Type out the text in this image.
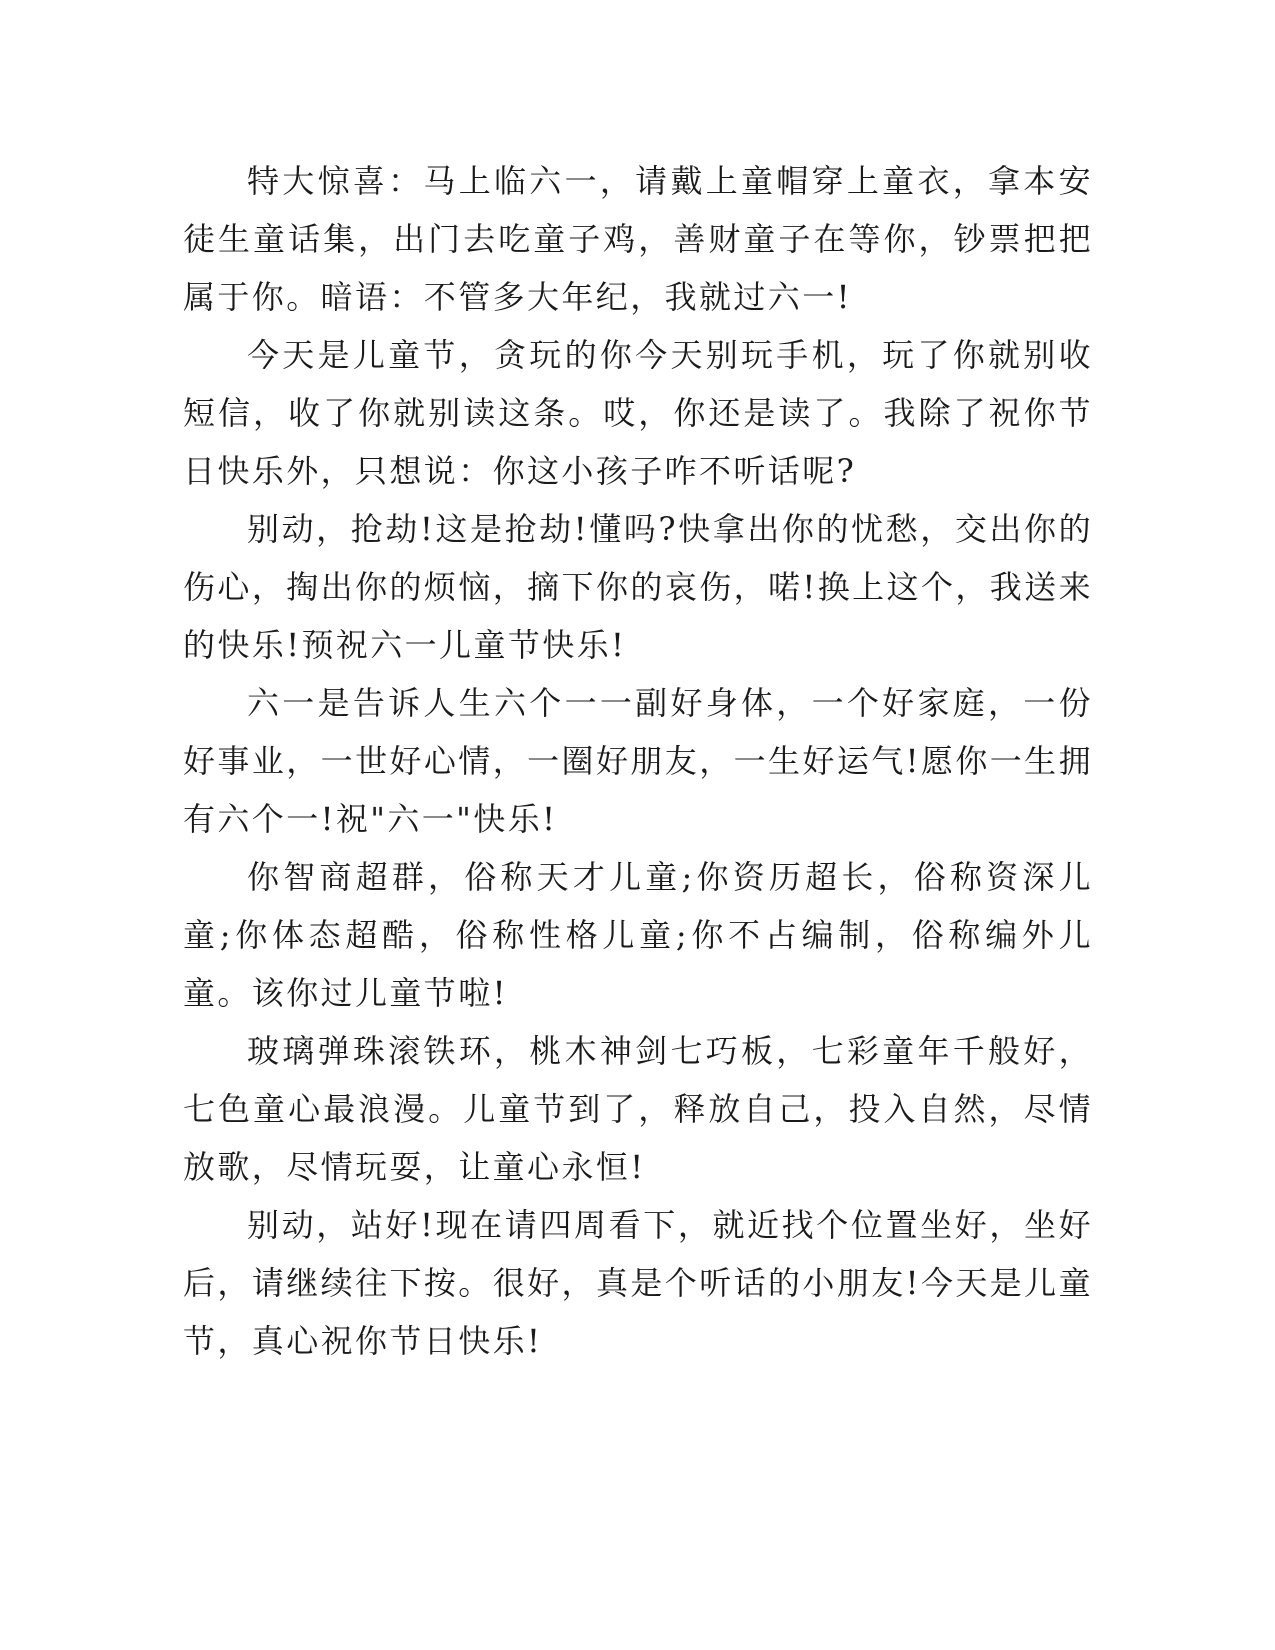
特大惊喜：马上临六一，请戴上童帽穿上童衣，拿本安徒生童话集，出门去吃童子鸡，善财童子在等你，钞票把把属于你。暗语：不管多大年纪，我就过六一!

今天是儿童节，贪玩的你今天别玩手机，玩了你就别收短信，收了你就别读这条。哎，你还是读了。我除了祝你节日快乐外，只想说：你这小孩子咋不听话呢?

别动，抢劫!这是抢劫!懂吗?快拿出你的忧愁，交出你的伤心，掏出你的烦恼，摘下你的哀伤，喏!换上这个，我送来的快乐!预祝六一儿童节快乐!

六一是告诉人生六个一一副好身体，一个好家庭，一份好事业，一世好心情，一圈好朋友，一生好运气!愿你一生拥有六个一!祝"六一"快乐!

你智商超群，俗称天才儿童;你资历超长，俗称资深儿童;你体态超酷，俗称性格儿童;你不占编制，俗称编外儿童。该你过儿童节啦!

玻璃弹珠滚铁环，桃木神剑七巧板，七彩童年千般好，七色童心最浪漫。儿童节到了，释放自己，投入自然，尽情放歌，尽情玩耍，让童心永恒!

别动，站好!现在请四周看下，就近找个位置坐好，坐好后，请继续往下按。很好，真是个听话的小朋友!今天是儿童节，真心祝你节日快乐!
